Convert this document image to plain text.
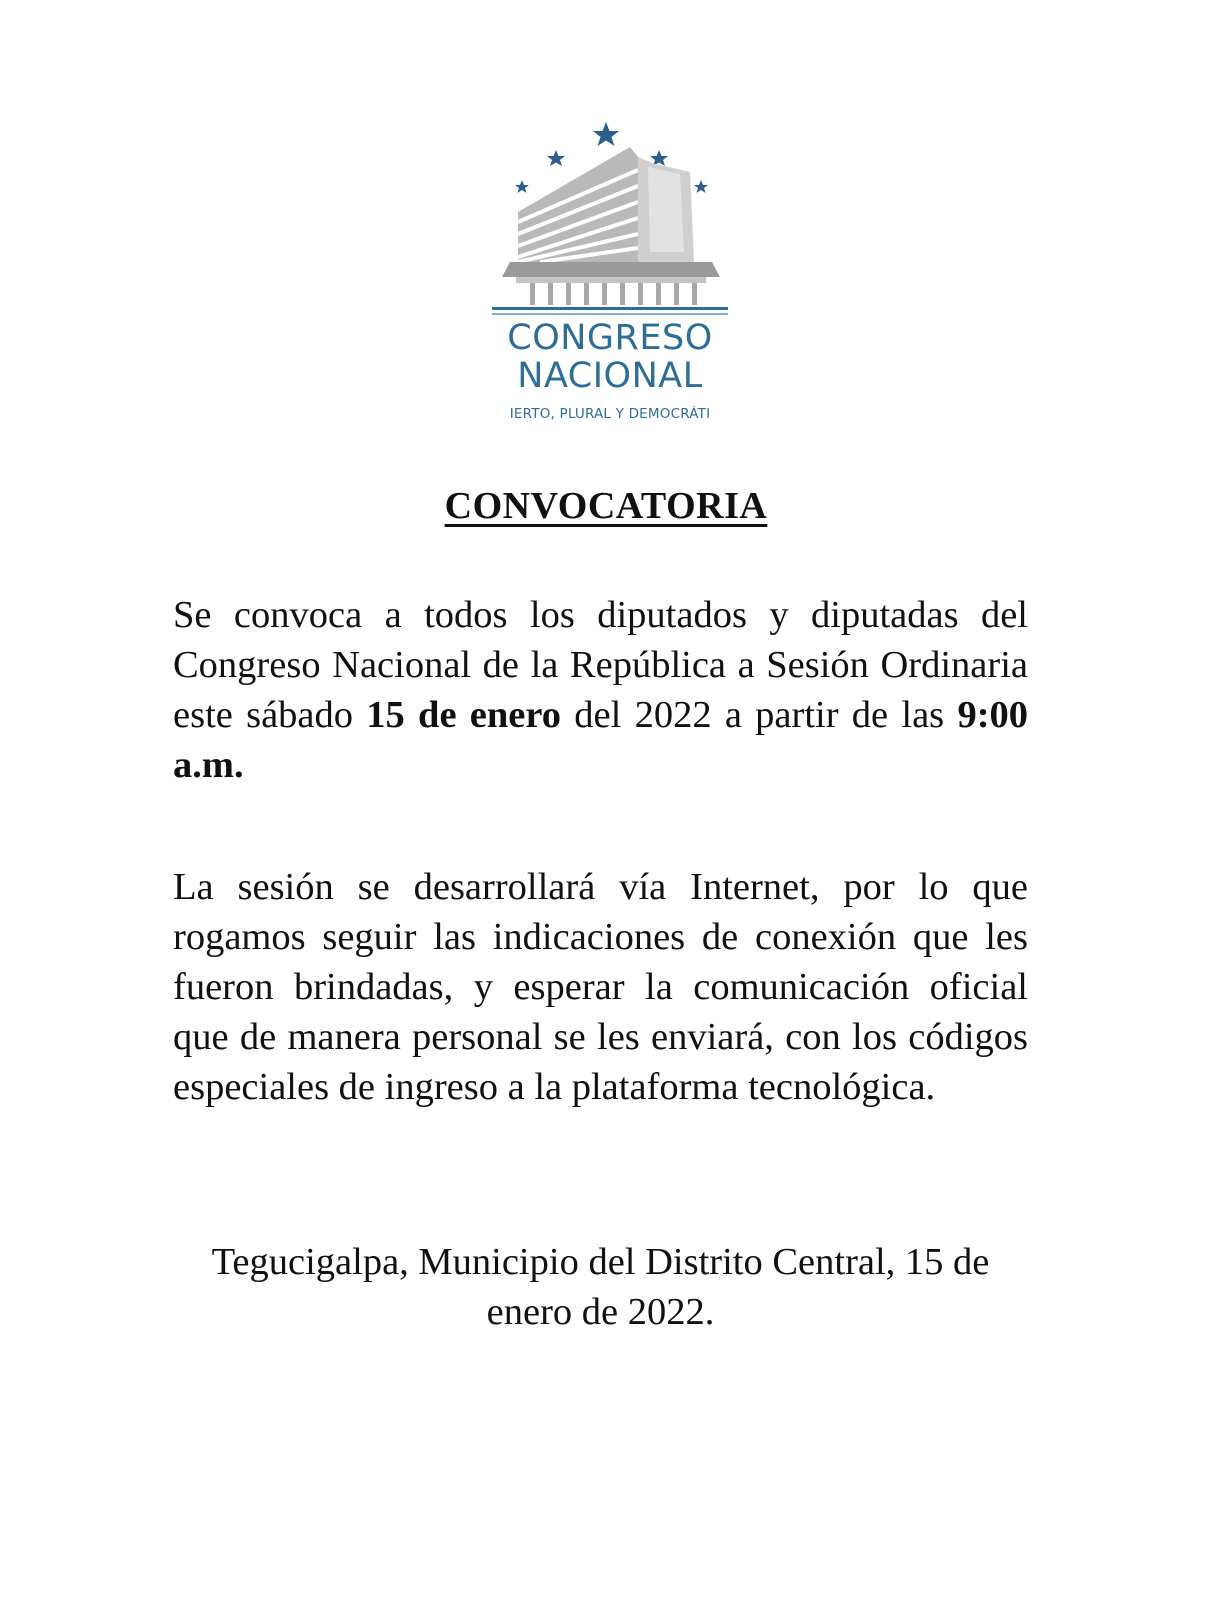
CONGRESO
NACIONAL
IERTO, PLURAL Y DEMOCRÁTI
CONVOCATORIA

Se convoca a todos los diputados y diputadas del Congreso Nacional de la República a Sesión Ordinaria este sábado 15 de enero del 2022 a partir de las 9:00 a.m.

La sesión se desarrollará vía Internet, por lo que rogamos seguir las indicaciones de conexión que les fueron brindadas, y esperar la comunicación oficial que de manera personal se les enviará, con los códigos especiales de ingreso a la plataforma tecnológica.

Tegucigalpa, Municipio del Distrito Central, 15 de enero de 2022.
